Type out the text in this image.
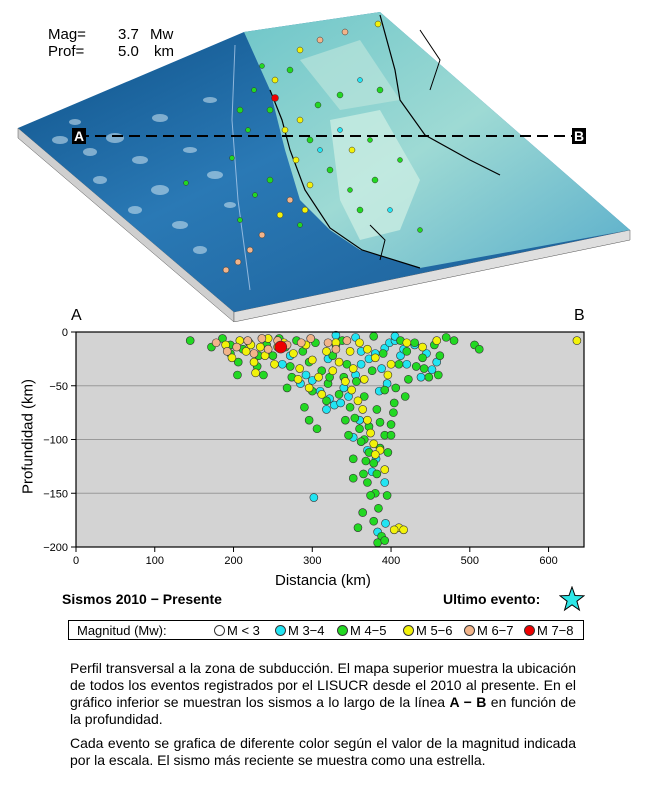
Mag= 3.7 Mw
Prof= 5.0 km
A	B
A	B
0	100	200	300	400	500	600
0
−50
−100
−150
−200
Distancia (km)
Profundidad (km)
Sismos 2010 − Presente	Ultimo evento:
Magnitud (Mw):	M < 3	M 3−4	M 4−5	M 5−6	M 6−7	M 7−8
Perfil transversal a la zona de subducción. El mapa superior muestra la ubicación de todos los eventos registrados por el LISUCR desde el 2010 al presente. En el gráfico inferior se muestran los sismos a lo largo de la línea A − B en función de la profundidad.
Cada evento se grafica de diferente color según el valor de la magnitud indicada por la escala. El sismo más reciente se muestra como una estrella.
